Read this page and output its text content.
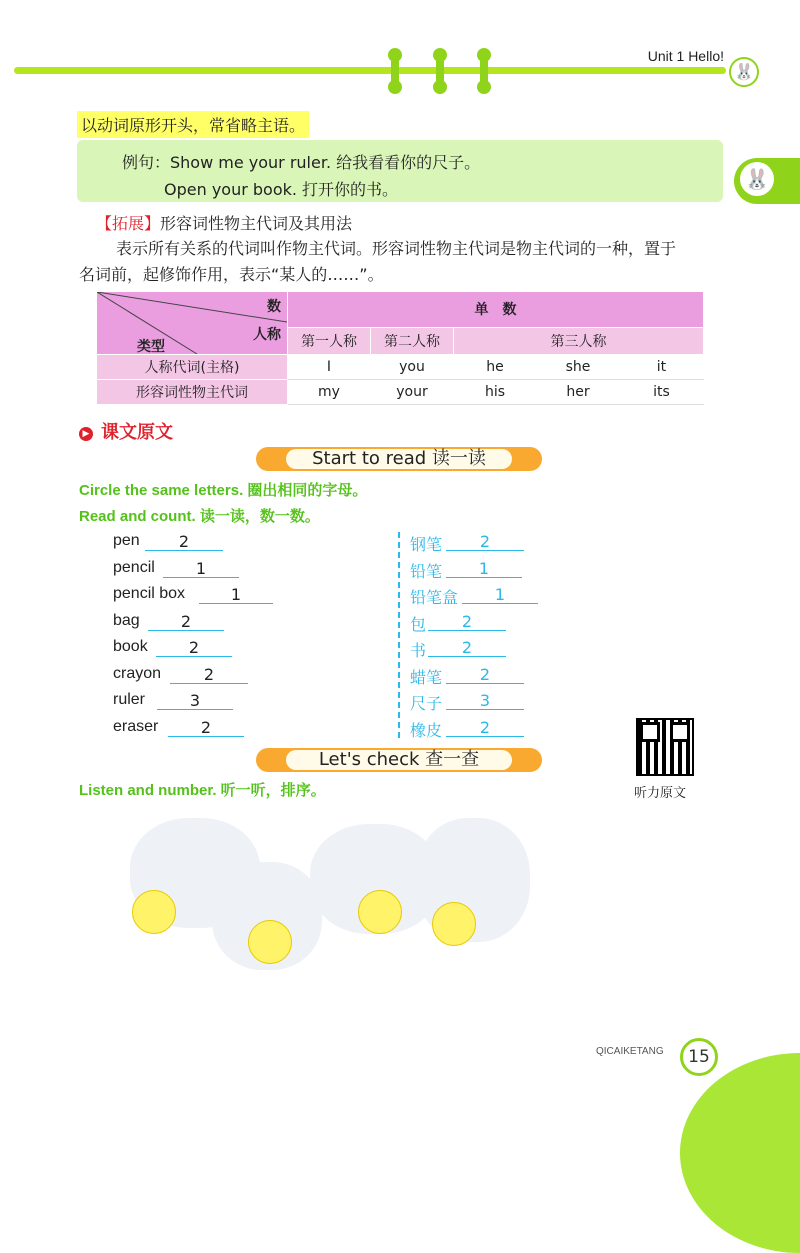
Unit 1 Hello!
🐰
🐰
以动词原形开头，常省略主语。
例句：Show me your ruler. 给我看看你的尺子。
Open your book. 打开你的书。
【拓展】形容词性物主代词及其用法
表示所有关系的代词叫作物主代词。形容词性物主代词是物主代词的一种，置于
名词前，起修饰作用，表示“某人的……”。
数
人称
类型	单　数				
	第一人称	第二人称	第三人称		
人称代词(主格)	I	you	he	she	it
形容词性物主代词	my	your	his	her	its
▶ 课文原文
Start to read 读一读
Circle the same letters. 圈出相同的字母。
Read and count. 读一读，数一数。
pen	2
pencil	1
pencil box	1
bag	2
book	2
crayon	2
ruler	3
eraser	2
钢笔	2
铅笔	1
铅笔盒	1
包	2
书	2
蜡笔	2
尺子	3
橡皮	2
听力原文
Let's check 查一查
Listen and number. 听一听，排序。
QICAIKETANG	15
